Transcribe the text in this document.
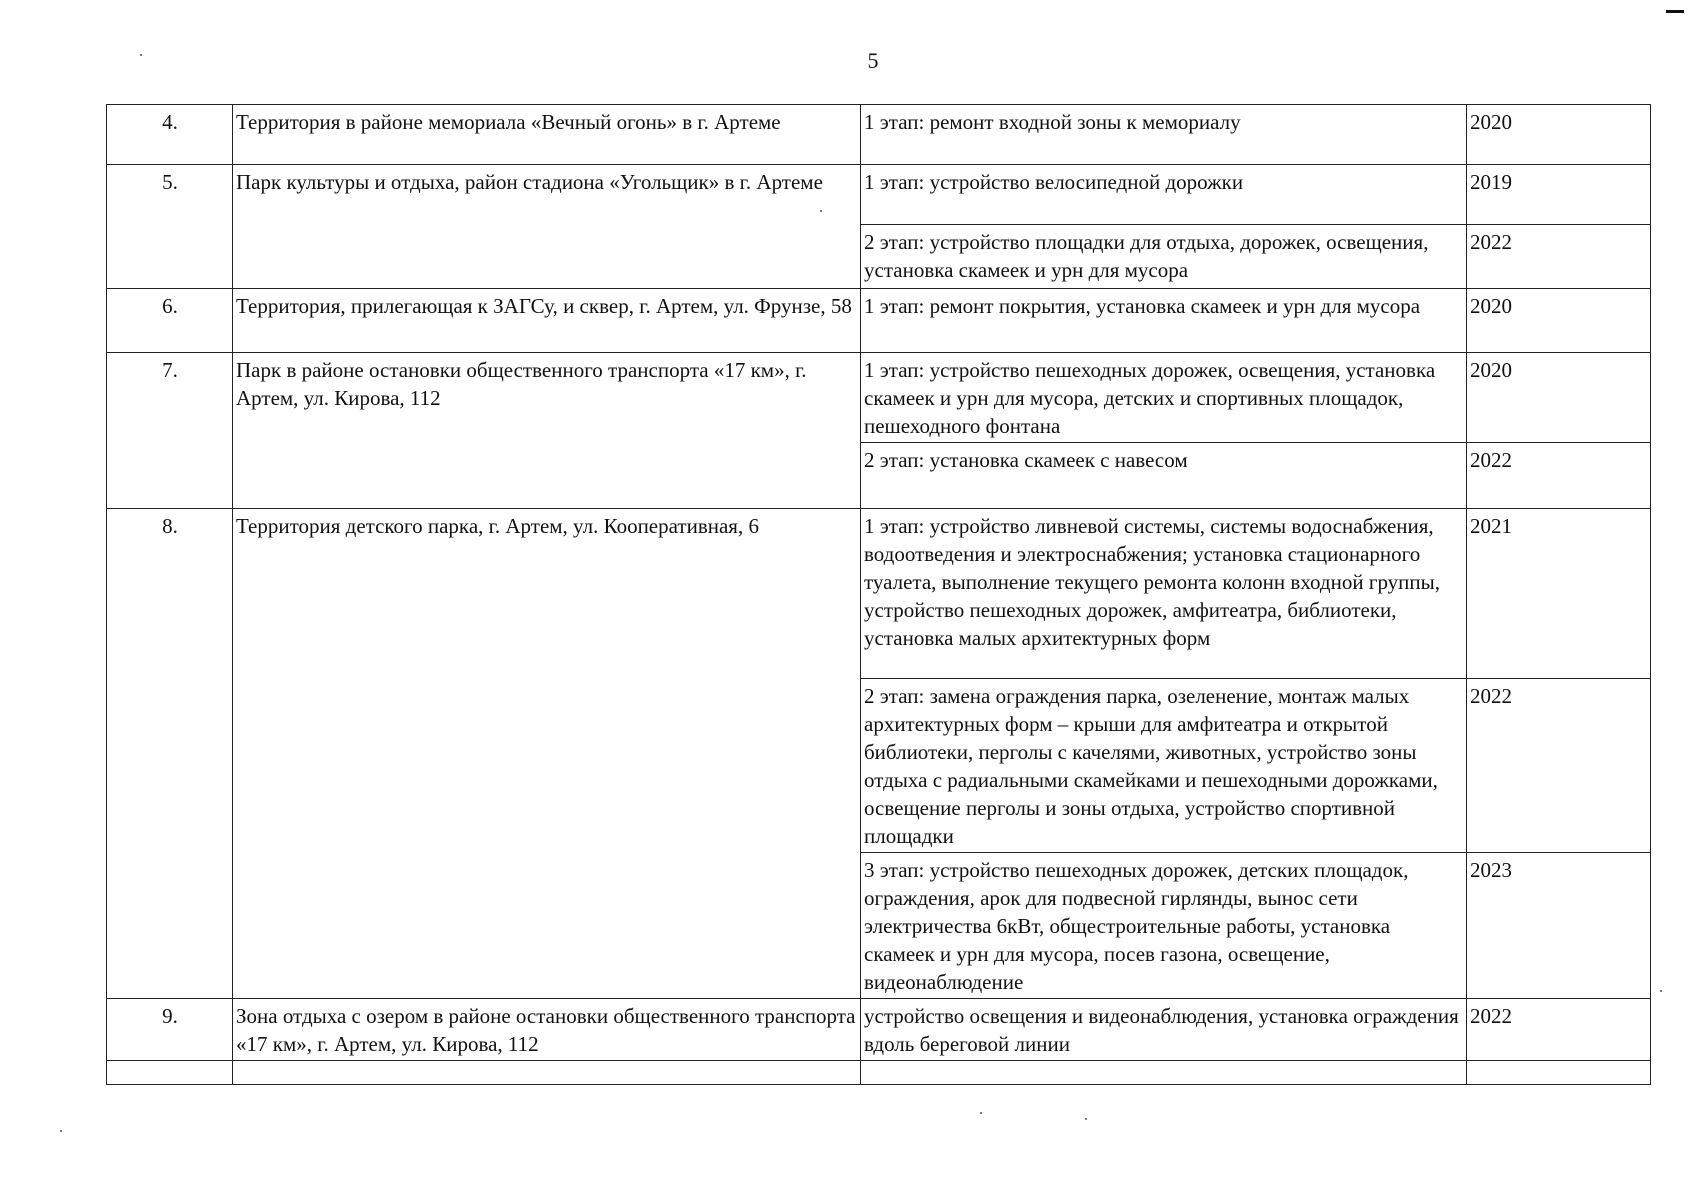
5
4.	Территория в районе мемориала «Вечный огонь» в г. Артеме	1 этап: ремонт входной зоны к мемориалу	2020
5.	Парк культуры и отдыха, район стадиона «Угольщик» в г. Артеме	1 этап: устройство велосипедной дорожки	2019
		2 этап: устройство площадки для отдыха, дорожек, освещения, установка скамеек и урн для мусора	2022
6.	Территория, прилегающая к ЗАГСу, и сквер, г. Артем, ул. Фрунзе, 58	1 этап: ремонт покрытия, установка скамеек и урн для мусора	2020
7.	Парк в районе остановки общественного транспорта «17 км», г. Артем, ул. Кирова, 112	1 этап: устройство пешеходных дорожек, освещения, установка скамеек и урн для мусора, детских и спортивных площадок, пешеходного фонтана	2020
		2 этап: установка скамеек с навесом	2022
8.	Территория детского парка, г. Артем, ул. Кооперативная, 6	1 этап: устройство ливневой системы, системы водоснабжения, водоотведения и электроснабжения; установка стационарного туалета, выполнение текущего ремонта колонн входной группы, устройство пешеходных дорожек, амфитеатра, библиотеки, установка малых архитектурных форм	2021
		2 этап: замена ограждения парка, озеленение, монтаж малых архитектурных форм – крыши для амфитеатра и открытой библиотеки, перголы с качелями, животных, устройство зоны отдыха с радиальными скамейками и пешеходными дорожками, освещение перголы и зоны отдыха, устройство спортивной площадки	2022
		3 этап: устройство пешеходных дорожек, детских площадок, ограждения, арок для подвесной гирлянды, вынос сети электричества 6кВт, общестроительные работы, установка скамеек и урн для мусора, посев газона, освещение, видеонаблюдение	2023
9.	Зона отдыха с озером в районе остановки общественного транспорта «17 км», г. Артем, ул. Кирова, 112	устройство освещения и видеонаблюдения, установка ограждения вдоль береговой линии	2022
